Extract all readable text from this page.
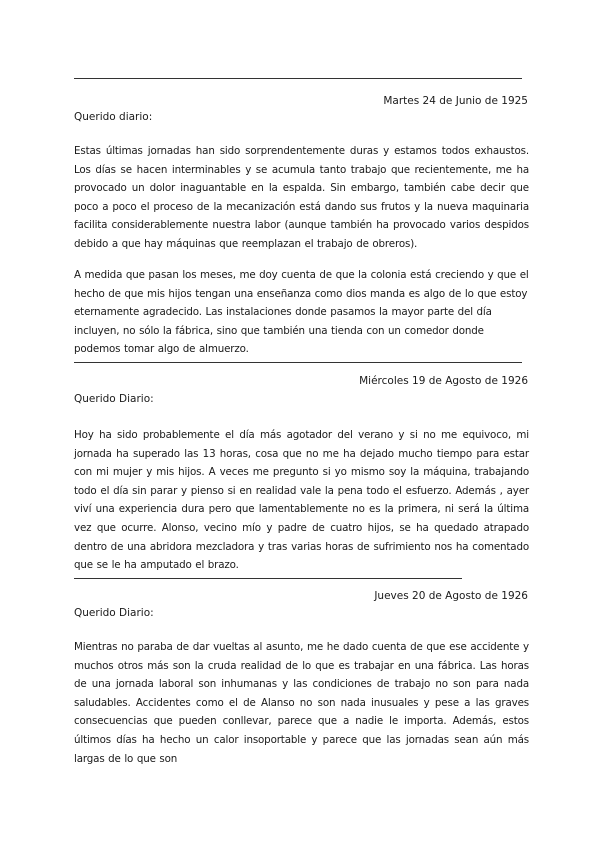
Martes 24 de Junio de 1925
Querido diario:
Estas últimas jornadas han sido sorprendentemente duras y estamos todos exhaustos. Los días se hacen interminables y se acumula tanto trabajo que recientemente, me ha provocado un dolor inaguantable en la espalda. Sin embargo, también cabe decir que poco a poco el proceso de la mecanización está dando sus frutos y la nueva maquinaria facilita considerablemente nuestra labor (aunque también ha provocado varios despidos debido a que hay máquinas que reemplazan el trabajo de obreros).
A medida que pasan los meses, me doy cuenta de que la colonia está creciendo y que el hecho de que mis hijos tengan una enseñanza como dios manda es algo de lo que estoy eternamente agradecido. Las instalaciones donde pasamos la mayor parte del día incluyen, no sólo la fábrica, sino que también una tienda con un comedor donde podemos tomar algo de almuerzo.
Miércoles 19 de Agosto de 1926
Querido Diario:
Hoy ha sido probablemente el día más agotador del verano y si no me equivoco, mi jornada ha superado las 13 horas, cosa que no me ha dejado mucho tiempo para estar con mi mujer y mis hijos. A veces me pregunto si yo mismo soy la máquina, trabajando todo el día sin parar y pienso si en realidad vale la pena todo el esfuerzo. Además , ayer viví una experiencia dura pero que lamentablemente no es la primera, ni será la última vez que ocurre. Alonso, vecino mío y padre de cuatro hijos, se ha quedado atrapado dentro de una abridora mezcladora y tras varias horas de sufrimiento nos ha comentado que se le ha amputado el brazo.
Jueves 20 de Agosto de 1926
Querido Diario:
Mientras no paraba de dar vueltas al asunto, me he dado cuenta de que ese accidente y muchos otros más son la cruda realidad de lo que es trabajar en una fábrica. Las horas de una jornada laboral son inhumanas y las condiciones de trabajo no son para nada saludables. Accidentes como el de Alanso no son nada inusuales y pese a las graves consecuencias que pueden conllevar, parece que a nadie le importa. Además, estos últimos días ha hecho un calor insoportable y parece que las jornadas sean aún más largas de lo que son
